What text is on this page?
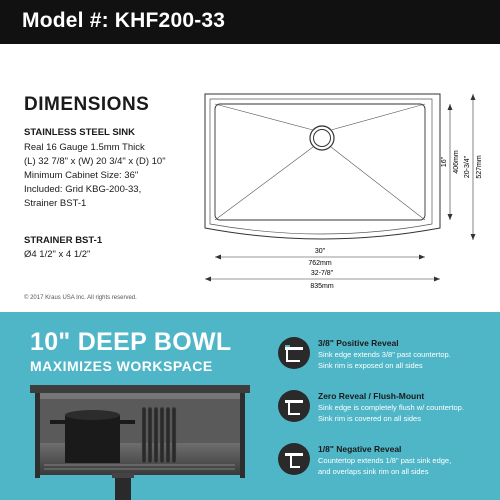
Model #: KHF200-33
DIMENSIONS
STAINLESS STEEL SINK
Real 16 Gauge 1.5mm Thick
(L) 32 7/8" x (W) 20 3/4" x (D) 10"
Minimum Cabinet Size: 36"
Included: Grid KBG-200-33,
Strainer BST-1
STRAINER BST-1
Ø4 1/2" x 4 1/2"
© 2017 Kraus USA Inc. All rights reserved.
30"
762mm
32-7/8"
835mm
16" 406mm 20-3/4" 527mm
10" DEEP BOWL
MAXIMIZES WORKSPACE
3/8" Positive Reveal
Sink edge extends 3/8" past countertop.
Sink rim is exposed on all sides
Zero Reveal / Flush-Mount
Sink edge is completely flush w/ countertop.
Sink rim is covered on all sides
1/8" Negative Reveal
Countertop extends 1/8" past sink edge,
and overlaps sink rim on all sides
